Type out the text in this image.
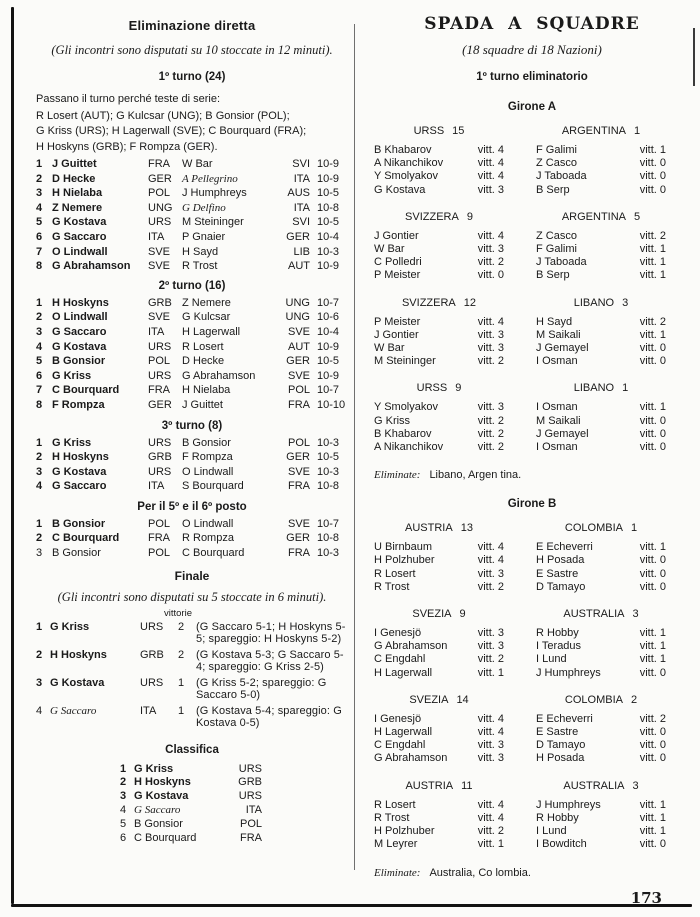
Eliminazione diretta
(Gli incontri sono disputati su 10 stoccate in 12 minuti).
1º turno (24)
Passano il turno perché teste di serie:
R Losert (AUT); G Kulcsar (UNG); B Gonsior (POL);
G Kriss (URS); H Lagerwall (SVE); C Bourquard (FRA);
H Hoskyns (GRB); F Rompza (GER).
1 J Guittet	FRA	W Bar	SVI 10-9
2 D Hecke	GER A Pellegrino	ITA 10-9
3 H Nielaba	POL	J Humphreys	AUS 10-5
4 Z Nemere	UNG G Delfino	ITA 10-8
5 G Kostava	URS M Steininger	SVI 10-5
6 G Saccaro	ITA	P Gnaier	GER 10-4
7 O Lindwall	SVE	H Sayd	LIB 10-3
8 G Abrahamson	SVE	R Trost	AUT 10-9
2º turno (16)
1 H Hoskyns	GRB Z Nemere	UNG 10-7
2 O Lindwall	SVE	G Kulcsar	UNG 10-6
3 G Saccaro	ITA	H Lagerwall	SVE 10-4
4 G Kostava	URS R Losert	AUT 10-9
5 B Gonsior	POL	D Hecke	GER 10-5
6 G Kriss	URS G Abrahamson	SVE 10-9
7 C Bourquard	FRA	H Nielaba	POL 10-7
8 F Rompza	GER J Guittet	FRA 10-10
3º turno (8)
1 G Kriss	URS B Gonsior	POL 10-3
2 H Hoskyns	GRB F Rompza	GER 10-5
3 G Kostava	URS O Lindwall	SVE 10-3
4 G Saccaro	ITA	S Bourquard	FRA 10-8
Per il 5º e il 6º posto
1 B Gonsior	POL	O Lindwall	SVE 10-7
2 C Bourquard	FRA	R Rompza	GER 10-8
3 B Gonsior	POL	C Bourquard	FRA 10-3
Finale
(Gli incontri sono disputati su 5 stoccate in 6 minuti).
vittorie
1 G Kriss	URS	2	(G Saccaro 5-1; H Hoskyns 5-5; spareggio: H Hoskyns 5-2)
2 H Hoskyns	GRB	2	(G Kostava 5-3; G Saccaro 5-4; spareggio: G Kriss 2-5)
3 G Kostava	URS	1	(G Kriss 5-2; spareggio: G Saccaro 5-0)
4 G Saccaro	ITA	1	(G Kostava 5-4; spareggio: G Kostava 0-5)
Classifica
1 G Kriss	URS
2 H Hoskyns	GRB
3 G Kostava	URS
4 G Saccaro	ITA
5 B Gonsior	POL
6 C Bourquard	FRA
SPADA A SQUADRE
(18 squadre di 18 Nazioni)
1º turno eliminatorio
Girone A
URSS 15
B Khabarov	vitt. 4
A Nikanchikov	vitt. 4
Y Smolyakov	vitt. 4
G Kostava	vitt. 3
ARGENTINA 1
F Galimi	vitt. 1
Z Casco	vitt. 0
J Taboada	vitt. 0
B Serp	vitt. 0
SVIZZERA 9
J Gontier	vitt. 4
W Bar	vitt. 3
C Polledri	vitt. 2
P Meister	vitt. 0
ARGENTINA 5
Z Casco	vitt. 2
F Galimi	vitt. 1
J Taboada	vitt. 1
B Serp	vitt. 1
SVIZZERA 12
P Meister	vitt. 4
J Gontier	vitt. 3
W Bar	vitt. 3
M Steininger	vitt. 2
LIBANO 3
H Sayd	vitt. 2
M Saikali	vitt. 1
J Gemayel	vitt. 0
I Osman	vitt. 0
URSS 9
Y Smolyakov	vitt. 3
G Kriss	vitt. 2
B Khabarov	vitt. 2
A Nikanchikov	vitt. 2
LIBANO 1
I Osman	vitt. 1
M Saikali	vitt. 0
J Gemayel	vitt. 0
I Osman	vitt. 0
Eliminate: Libano, Argen tina.
Girone B
AUSTRIA 13
U Birnbaum	vitt. 4
H Polzhuber	vitt. 4
R Losert	vitt. 3
R Trost	vitt. 2
COLOMBIA 1
E Echeverri	vitt. 1
H Posada	vitt. 0
E Sastre	vitt. 0
D Tamayo	vitt. 0
SVEZIA 9
I Genesjö	vitt. 3
G Abrahamson	vitt. 3
C Engdahl	vitt. 2
H Lagerwall	vitt. 1
AUSTRALIA 3
R Hobby	vitt. 1
I Teradus	vitt. 1
I Lund	vitt. 1
J Humphreys	vitt. 0
SVEZIA 14
I Genesjö	vitt. 4
H Lagerwall	vitt. 4
C Engdahl	vitt. 3
G Abrahamson	vitt. 3
COLOMBIA 2
E Echeverri	vitt. 2
E Sastre	vitt. 0
D Tamayo	vitt. 0
H Posada	vitt. 0
AUSTRIA 11
R Losert	vitt. 4
R Trost	vitt. 4
H Polzhuber	vitt. 2
M Leyrer	vitt. 1
AUSTRALIA 3
J Humphreys	vitt. 1
R Hobby	vitt. 1
I Lund	vitt. 1
I Bowditch	vitt. 0
Eliminate: Australia, Co lombia.
173
